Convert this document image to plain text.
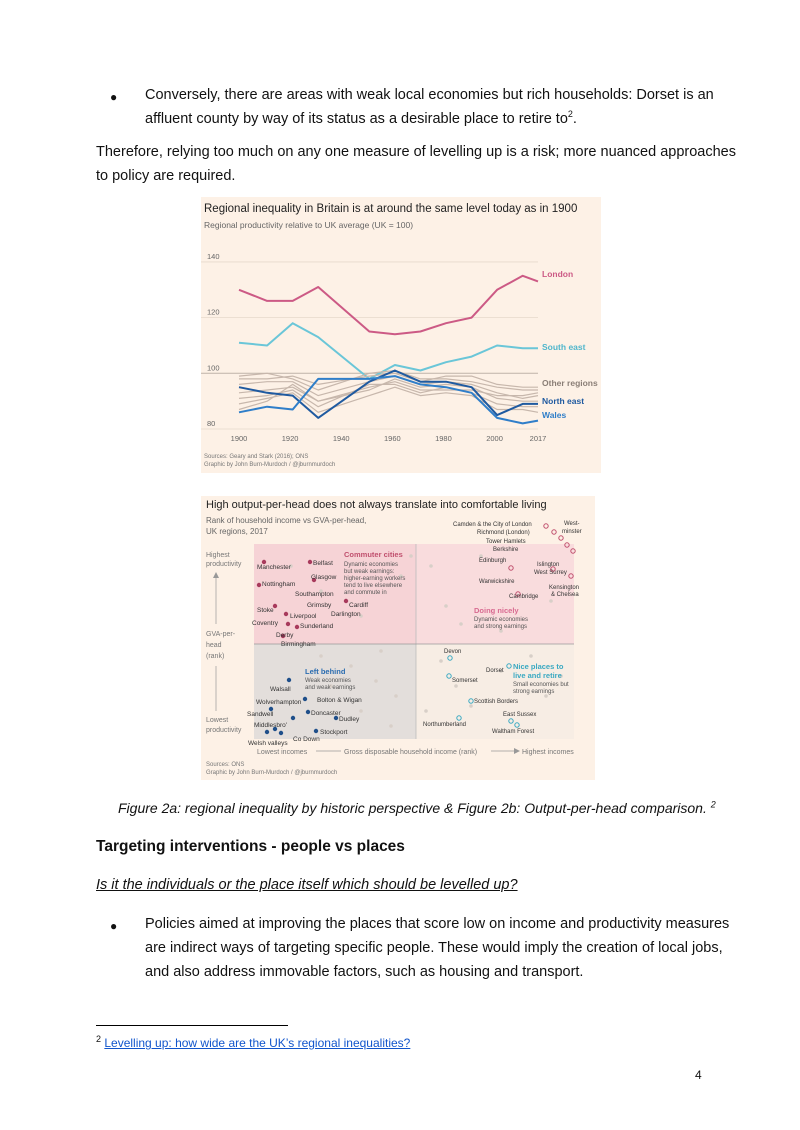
● Conversely, there are areas with weak local economies but rich households: Dorset is an
affluent county by way of its status as a desirable place to retire $to^2$.
Therefore, relying too much on any one measure of levelling up is a risk; more nuanced approaches
to policy are required.
Regional inequality in Britain is at around the same level today as in 1900
Regional productivity relative to UK average (UK = 100)
80
100
120
140
1900	1920	1940	1960	1980	2000	2017
London
South east
Other regions
North east
Wales
Sources: Geary and Stark (2016); ONS
Graphic by John Burn-Murdoch / @jburnmurdoch
High output-per-head does not always translate into comfortable living
Rank of household income vs GVA-per-head,
UK regions, 2017
Highest
productivity
GVA-per-
head
(rank)
Lowest
productivity
Lowest incomes	Gross disposable household income (rank)	Highest incomes
Commuter cities
Dynamic economies
but weak earnings:
higher-earning workers
tend to live elsewhere
and commute in
Doing nicely
Dynamic economies
and strong earnings
Left behind
Weak economies
and weak earnings
Nice places to
live and retire
Small economies but
strong earnings
Manchester
Belfast
Glasgow
Nottingham
Southampton
Stoke
Grimsby	Cardiff
Darlington
Liverpool
Coventry	Sunderland
Derby
Birmingham
Camden & the City of London	West-
minster
Richmond (London)
Tower Hamlets
Berkshire
Edinburgh
Islington
West Surrey
Warwickshire
Kensington
& Chelsea
Cambridge
Devon
Dorset
Somerset
Scottish Borders
East Sussex
Northumberland
Waltham Forest
Walsall
Wolverhampton Bolton & Wigan
Sandwell	Doncaster
Middlesbro'
Dudley
Co Down
Stockport
Welsh valleys
Sources: ONS
Graphic by John Burn-Murdoch / @jburnmurdoch
Figure 2a: regional inequality by historic perspective & Figure 2b: Output-per-head comparison. $^2$
Targeting interventions - people vs places
Is it the individuals or the place itself which should be levelled up?
● Policies aimed at improving the places that score low on income and productivity measures
are indirect ways of targeting specific people. These would imply the creation of local jobs,
and also address immovable factors, such as housing and transport.
$^2$ Levelling up: how wide are the UK’s regional inequalities?
4
